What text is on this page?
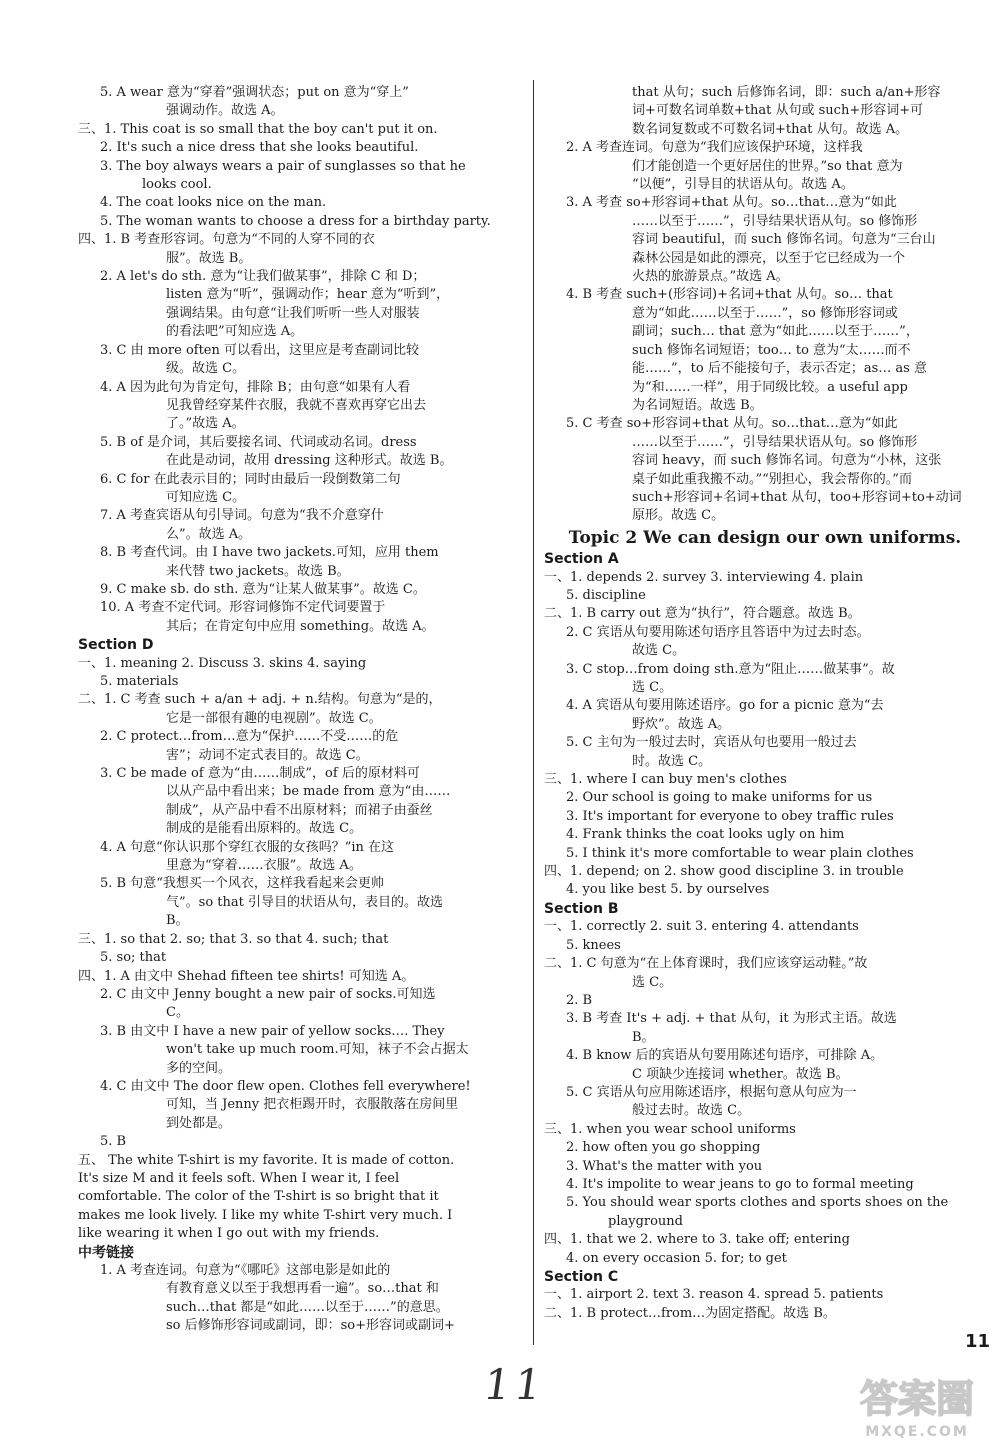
5. A wear 意为“穿着”强调状态；put on 意为“穿上”
强调动作。故选 A。
三、1. This coat is so small that the boy can't put it on.
2. It's such a nice dress that she looks beautiful.
3. The boy always wears a pair of sunglasses so that he
looks cool.
4. The coat looks nice on the man.
5. The woman wants to choose a dress for a birthday party.
四、1. B 考查形容词。句意为“不同的人穿不同的衣
服”。故选 B。
2. A let's do sth. 意为“让我们做某事”，排除 C 和 D；
listen 意为“听”，强调动作；hear 意为“听到”，
强调结果。由句意“让我们听听一些人对服装
的看法吧”可知应选 A。
3. C 由 more often 可以看出，这里应是考查副词比较
级。故选 C。
4. A 因为此句为肯定句，排除 B；由句意“如果有人看
见我曾经穿某件衣服，我就不喜欢再穿它出去
了。”故选 A。
5. B of 是介词，其后要接名词、代词或动名词。dress
在此是动词，故用 dressing 这种形式。故选 B。
6. C for 在此表示目的；同时由最后一段倒数第二句
可知应选 C。
7. A 考查宾语从句引导词。句意为“我不介意穿什
么”。故选 A。
8. B 考查代词。由 I have two jackets.可知，应用 them
来代替 two jackets。故选 B。
9. C make sb. do sth. 意为“让某人做某事”。故选 C。
10. A 考查不定代词。形容词修饰不定代词要置于
其后；在肯定句中应用 something。故选 A。
Section D
一、1. meaning 2. Discuss 3. skins 4. saying
5. materials
二、1. C 考查 such + a/an + adj. + n.结构。句意为“是的，
它是一部很有趣的电视剧”。故选 C。
2. C protect…from…意为“保护……不受……的危
害”；动词不定式表目的。故选 C。
3. C be made of 意为“由……制成”，of 后的原材料可
以从产品中看出来；be made from 意为“由……
制成”，从产品中看不出原材料；而裙子由蚕丝
制成的是能看出原料的。故选 C。
4. A 句意“你认识那个穿红衣服的女孩吗？”in 在这
里意为“穿着……衣服”。故选 A。
5. B 句意“我想买一个风衣，这样我看起来会更帅
气”。so that 引导目的状语从句，表目的。故选
B。
三、1. so that 2. so; that 3. so that 4. such; that
5. so; that
四、1. A 由文中 Shehad fifteen tee shirts! 可知选 A。
2. C 由文中 Jenny bought a new pair of socks.可知选
C。
3. B 由文中 I have a new pair of yellow socks…. They
won't take up much room.可知，袜子不会占据太
多的空间。
4. C 由文中 The door flew open. Clothes fell everywhere!
可知，当 Jenny 把衣柜踢开时，衣服散落在房间里
到处都是。
5. B
五、 The white T-shirt is my favorite. It is made of cotton.
It's size M and it feels soft. When I wear it, I feel
comfortable. The color of the T-shirt is so bright that it
makes me look lively. I like my white T-shirt very much. I
like wearing it when I go out with my friends.
中考链接
1. A 考查连词。句意为“《哪吒》这部电影是如此的
有教育意义以至于我想再看一遍”。so…that 和
such…that 都是“如此……以至于……”的意思。
so 后修饰形容词或副词，即：so+形容词或副词+
that 从句；such 后修饰名词，即：such a/an+形容
词+可数名词单数+that 从句或 such+形容词+可
数名词复数或不可数名词+that 从句。故选 A。
2. A 考查连词。句意为“我们应该保护环境，这样我
们才能创造一个更好居住的世界。”so that 意为
“以便”，引导目的状语从句。故选 A。
3. A 考查 so+形容词+that 从句。so…that…意为“如此
……以至于……”，引导结果状语从句。so 修饰形
容词 beautiful，而 such 修饰名词。句意为“三台山
森林公园是如此的漂亮，以至于它已经成为一个
火热的旅游景点。”故选 A。
4. B 考查 such+(形容词)+名词+that 从句。so… that
意为“如此……以至于……”，so 修饰形容词或
副词；such… that 意为“如此……以至于……”，
such 修饰名词短语；too… to 意为“太……而不
能……”，to 后不能接句子，表示否定；as… as 意
为“和……一样”，用于同级比较。a useful app
为名词短语。故选 B。
5. C 考查 so+形容词+that 从句。so…that…意为“如此
……以至于……”，引导结果状语从句。so 修饰形
容词 heavy，而 such 修饰名词。句意为“小林，这张
桌子如此重我搬不动。”“别担心，我会帮你的。”而
such+形容词+名词+that 从句，too+形容词+to+动词
原形。故选 C。
Topic 2 We can design our own uniforms.
Section A
一、1. depends 2. survey 3. interviewing 4. plain
5. discipline
二、1. B carry out 意为“执行”，符合题意。故选 B。
2. C 宾语从句要用陈述句语序且答语中为过去时态。
故选 C。
3. C stop…from doing sth.意为“阻止……做某事”。故
选 C。
4. A 宾语从句要用陈述语序。go for a picnic 意为“去
野炊”。故选 A。
5. C 主句为一般过去时，宾语从句也要用一般过去
时。故选 C。
三、1. where I can buy men's clothes
2. Our school is going to make uniforms for us
3. It's important for everyone to obey traffic rules
4. Frank thinks the coat looks ugly on him
5. I think it's more comfortable to wear plain clothes
四、1. depend; on 2. show good discipline 3. in trouble
4. you like best 5. by ourselves
Section B
一、1. correctly 2. suit 3. entering 4. attendants
5. knees
二、1. C 句意为“在上体育课时，我们应该穿运动鞋。”故
选 C。
2. B
3. B 考查 It's + adj. + that 从句，it 为形式主语。故选
B。
4. B know 后的宾语从句要用陈述句语序，可排除 A。
C 项缺少连接词 whether。故选 B。
5. C 宾语从句应用陈述语序，根据句意从句应为一
般过去时。故选 C。
三、1. when you wear school uniforms
2. how often you go shopping
3. What's the matter with you
4. It's impolite to wear jeans to go to formal meeting
5. You should wear sports clothes and sports shoes on the
playground
四、1. that we 2. where to 3. take off; entering
4. on every occasion 5. for; to get
Section C
一、1. airport 2. text 3. reason 4. spread 5. patients
二、1. B protect…from…为固定搭配。故选 B。
11
11	答案圈
MXQE.COM
